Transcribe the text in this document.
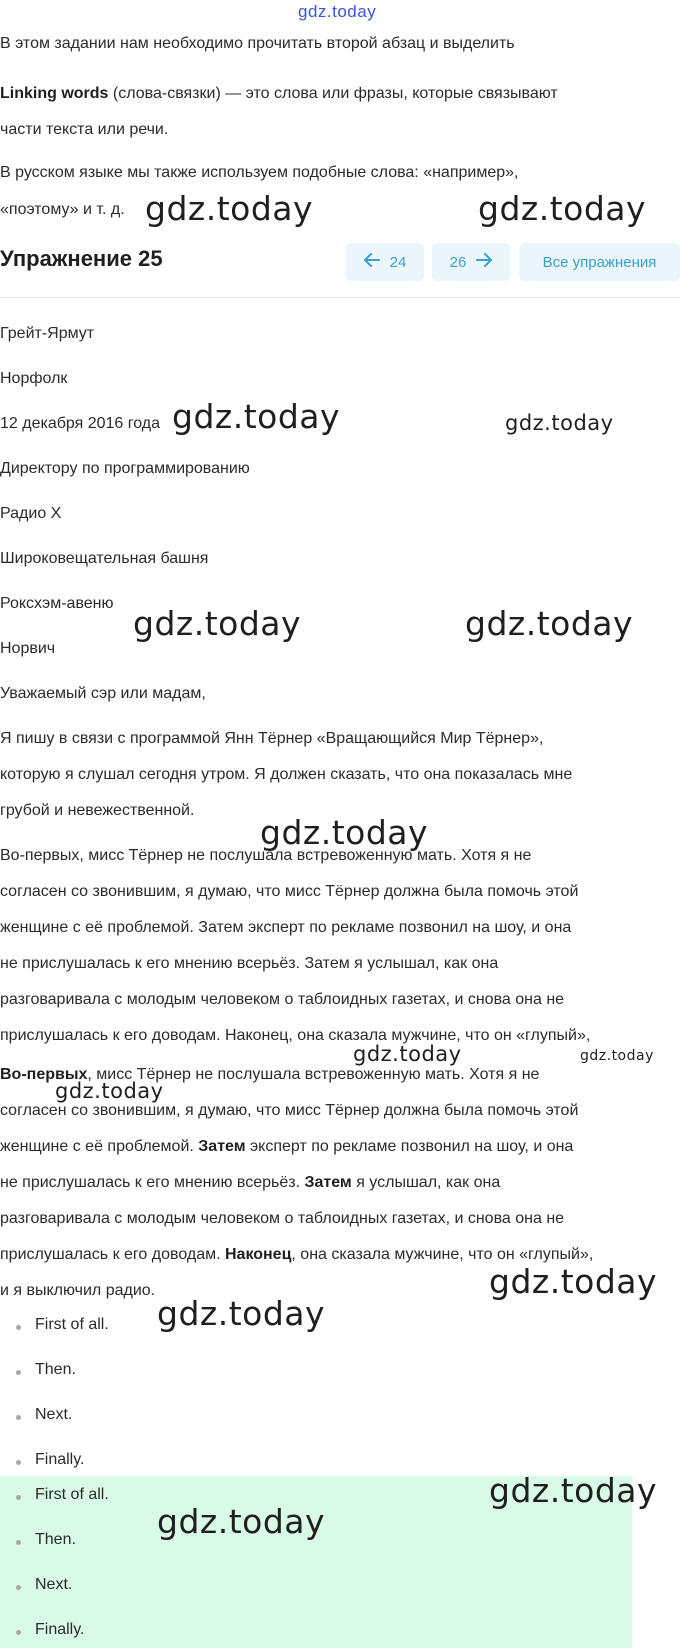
gdz.today
В этом задании нам необходимо прочитать второй абзац и выделить
Linking words (слова-связки) — это слова или фразы, которые связывают
части текста или речи.
В русском языке мы также используем подобные слова: «например»,
«поэтому» и т. д.
Упражнение 25	24	26	Все упражнения
Грейт-Ярмут
Норфолк
12 декабря 2016 года
Директору по программированию
Радио X
Широковещательная башня
Роксхэм-авеню
Норвич
Уважаемый сэр или мадам,
Я пишу в связи с программой Янн Тёрнер «Вращающийся Мир Тёрнер»,
которую я слушал сегодня утром. Я должен сказать, что она показалась мне
грубой и невежественной.
Во-первых, мисс Тёрнер не послушала встревоженную мать. Хотя я не
согласен со звонившим, я думаю, что мисс Тёрнер должна была помочь этой
женщине с её проблемой. Затем эксперт по рекламе позвонил на шоу, и она
не прислушалась к его мнению всерьёз. Затем я услышал, как она
разговаривала с молодым человеком о таблоидных газетах, и снова она не
прислушалась к его доводам. Наконец, она сказала мужчине, что он «глупый»,
Во-первых, мисс Тёрнер не послушала встревоженную мать. Хотя я не
согласен со звонившим, я думаю, что мисс Тёрнер должна была помочь этой
женщине с её проблемой. Затем эксперт по рекламе позвонил на шоу, и она
не прислушалась к его мнению всерьёз. Затем я услышал, как она
разговаривала с молодым человеком о таблоидных газетах, и снова она не
прислушалась к его доводам. Наконец, она сказала мужчине, что он «глупый»,
и я выключил радио.
First of all.
Then.
Next.
Finally.
First of all.
Then.
Next.
Finally.
gdz.today	gdz.today
gdz.today	gdz.today
gdz.today	gdz.today
gdz.today
gdz.today	gdz.today
gdz.today
gdz.today
gdz.today
gdz.today
gdz.today
